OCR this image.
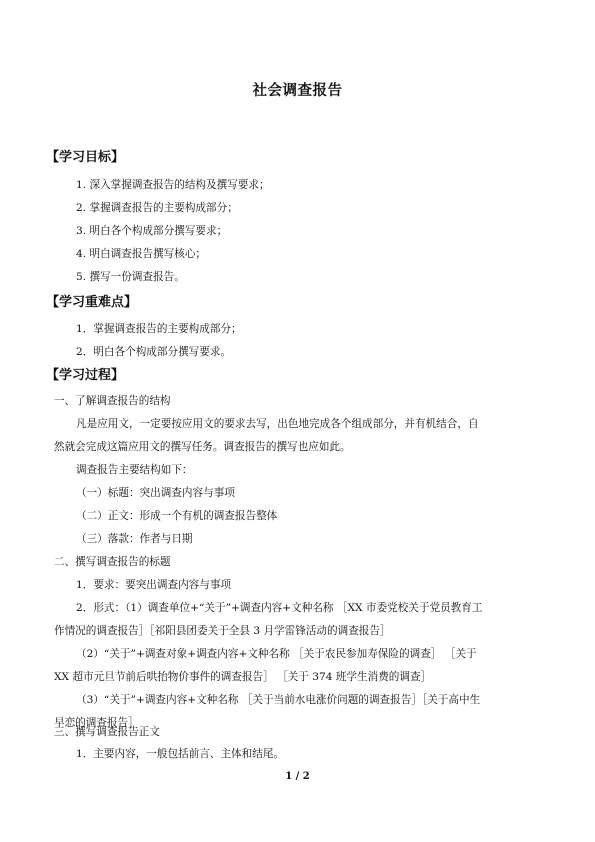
社会调查报告
【学习目标】
1. 深入掌握调查报告的结构及撰写要求；
2. 掌握调查报告的主要构成部分；
3. 明白各个构成部分撰写要求；
4. 明白调查报告撰写核心；
5. 撰写一份调查报告。
【学习重难点】
1．掌握调查报告的主要构成部分；
2．明白各个构成部分撰写要求。
【学习过程】
一、了解调查报告的结构
凡是应用文，一定要按应用文的要求去写，出色地完成各个组成部分，并有机结合，自
然就会完成这篇应用文的撰写任务。调查报告的撰写也应如此。
调查报告主要结构如下：
（一）标题：突出调查内容与事项
（二）正文：形成一个有机的调查报告整体
（三）落款：作者与日期
二、撰写调查报告的标题
1．要求：要突出调查内容与事项
2．形式：（1）调查单位+“关于”+调查内容+文种名称 ［XX 市委党校关于党员教育工
作情况的调查报告］［祁阳县团委关于全县 3 月学雷锋活动的调查报告］
（2）“关于”+调查对象+调查内容+文种名称 ［关于农民参加寿保险的调查］ ［关于
XX 超市元旦节前后哄抬物价事件的调查报告］ ［关于 374 班学生消费的调查］
（3）“关于”+调查内容+文种名称 ［关于当前水电涨价问题的调查报告］［关于高中生
早恋的调查报告］
三、撰写调查报告正文
1．主要内容，一般包括前言、主体和结尾。
1 / 2
